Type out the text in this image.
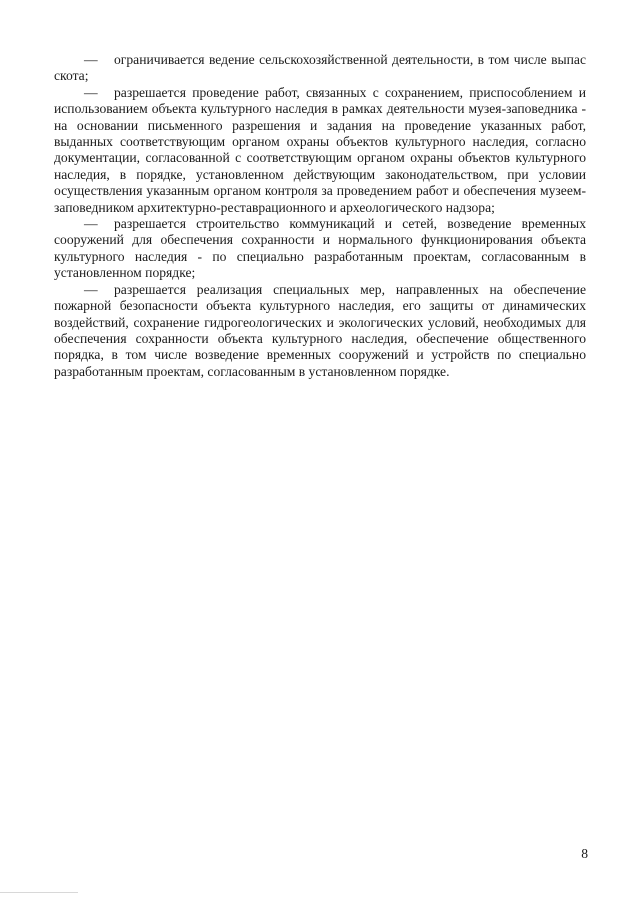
— ограничивается ведение сельскохозяйственной деятельности, в том числе выпас скота;

— разрешается проведение работ, связанных с сохранением, приспособлением и использованием объекта культурного наследия в рамках деятельности музея-заповедника - на основании письменного разрешения и задания на проведение указанных работ, выданных соответствующим органом охраны объектов культурного наследия, согласно документации, согласованной с соответствующим органом охраны объектов культурного наследия, в порядке, установленном действующим законодательством, при условии осуществления указанным органом контроля за проведением работ и обеспечения музеем-заповедником архитектурно-реставрационного и археологического надзора;

— разрешается строительство коммуникаций и сетей, возведение временных сооружений для обеспечения сохранности и нормального функционирования объекта культурного наследия - по специально разработанным проектам, согласованным в установленном порядке;

— разрешается реализация специальных мер, направленных на обеспечение пожарной безопасности объекта культурного наследия, его защиты от динамических воздействий, сохранение гидрогеологических и экологических условий, необходимых для обеспечения сохранности объекта культурного наследия, обеспечение общественного порядка, в том числе возведение временных сооружений и устройств по специально разработанным проектам, согласованным в установленном порядке.

8
